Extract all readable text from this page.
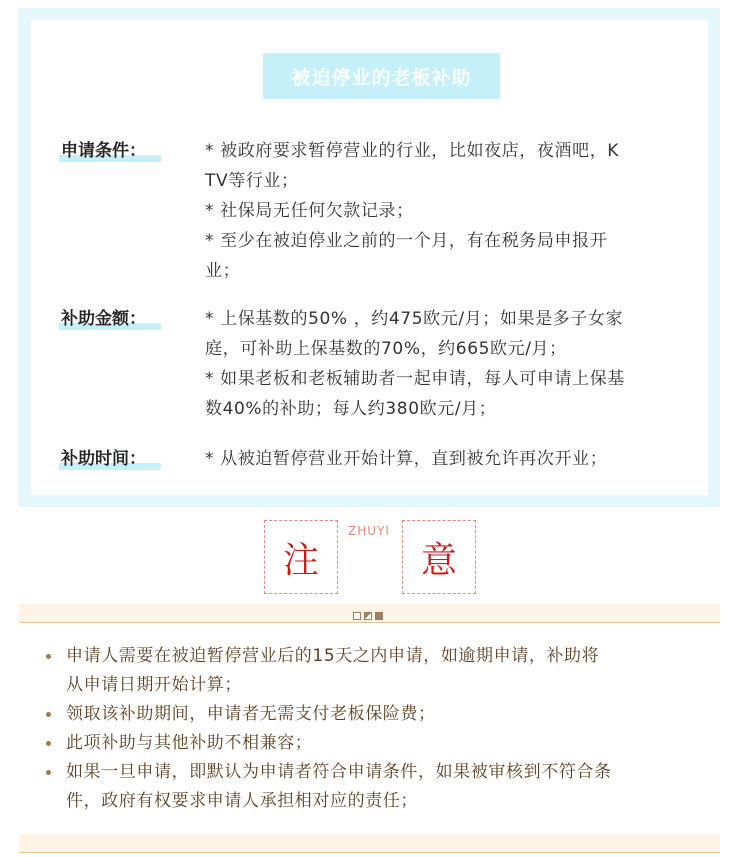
被迫停业的老板补助
申请条件：	* 被政府要求暂停营业的行业，比如夜店，夜酒吧，K

TV等行业；

* 社保局无任何欠款记录；

* 至少在被迫停业之前的一个月，有在税务局申报开

业；

补助金额：	* 上保基数的50% ，约475欧元/月；如果是多子女家

庭，可补助上保基数的70%，约665欧元/月；

* 如果老板和老板辅助者一起申请，每人可申请上保基

数40%的补助；每人约380欧元/月；

补助时间：	* 从被迫暂停营业开始计算，直到被允许再次开业；

注
ZHUYI
意
申请人需要在被迫暂停营业后的15天之内申请，如逾期申请，补助将
从申请日期开始计算；
领取该补助期间，申请者无需支付老板保险费；
此项补助与其他补助不相兼容；
如果一旦申请，即默认为申请者符合申请条件，如果被审核到不符合条
件，政府有权要求申请人承担相对应的责任；
